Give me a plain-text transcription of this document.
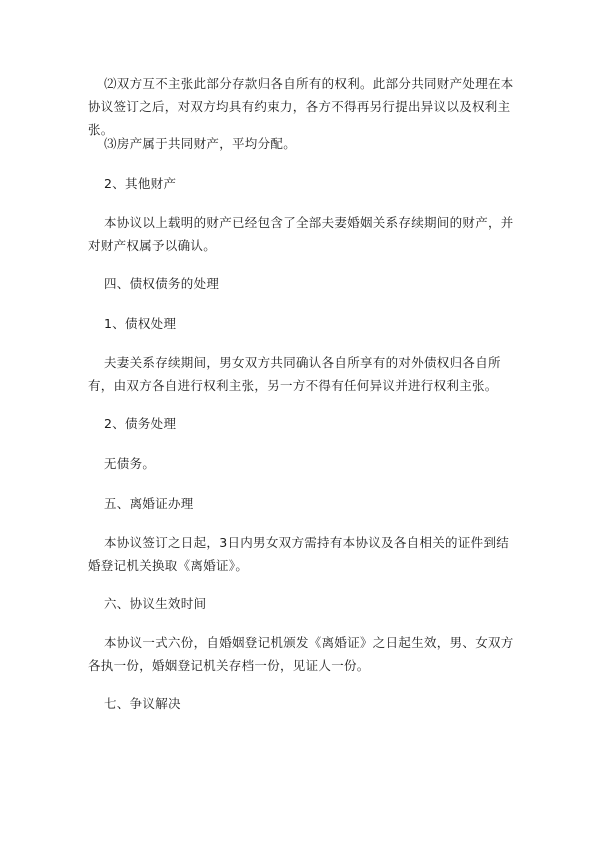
⑵双方互不主张此部分存款归各自所有的权利。此部分共同财产处理在本协议签订之后，对双方均具有约束力，各方不得再另行提出异议以及权利主张。

⑶房产属于共同财产，平均分配。

2、其他财产

本协议以上载明的财产已经包含了全部夫妻婚姻关系存续期间的财产，并对财产权属予以确认。

四、债权债务的处理

1、债权处理

夫妻关系存续期间，男女双方共同确认各自所享有的对外债权归各自所有，由双方各自进行权利主张，另一方不得有任何异议并进行权利主张。

2、债务处理

无债务。

五、离婚证办理

本协议签订之日起，3日内男女双方需持有本协议及各自相关的证件到结婚登记机关换取《离婚证》。

六、协议生效时间

本协议一式六份，自婚姻登记机颁发《离婚证》之日起生效，男、女双方各执一份，婚姻登记机关存档一份，见证人一份。

七、争议解决
